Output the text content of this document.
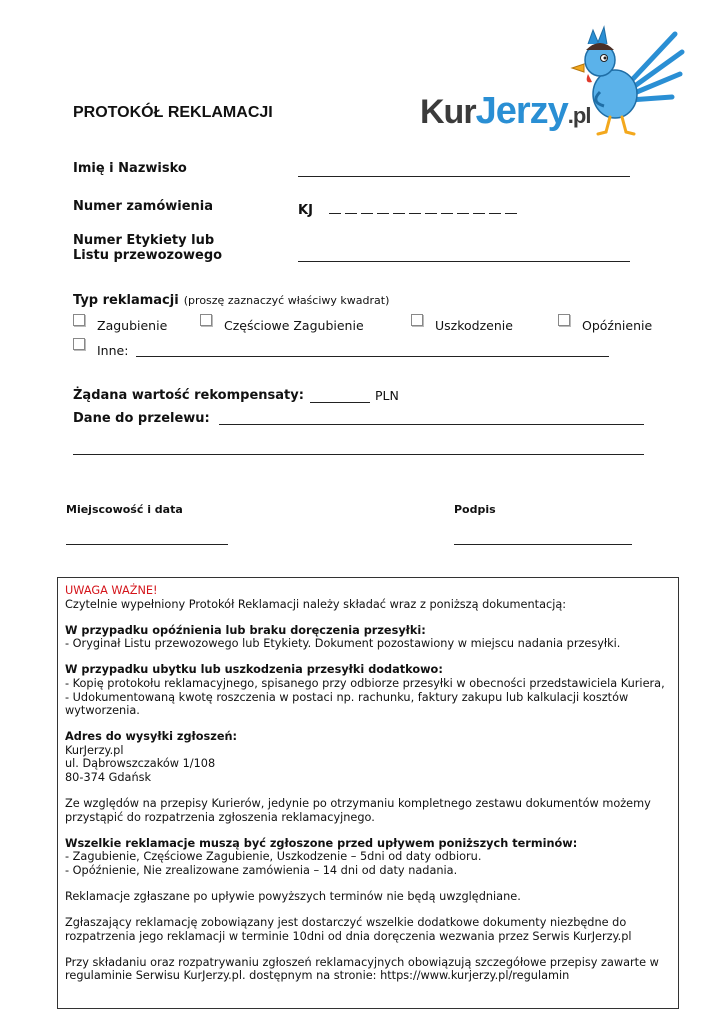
PROTOKÓŁ REKLAMACJI	KurJerzy.pl
Imię i Nazwisko
Numer zamówienia	KJ
Numer Etykiety lub
Listu przewozowego
Typ reklamacji (proszę zaznaczyć właściwy kwadrat)
Zagubienie	Częściowe Zagubienie	Uszkodzenie	Opóźnienie
Inne:
Żądana wartość rekompensaty:	PLN
Dane do przelewu:
Miejscowość i data	Podpis
UWAGA WAŻNE!

Czytelnie wypełniony Protokół Reklamacji należy składać wraz z poniższą dokumentacją:

W przypadku opóźnienia lub braku doręczenia przesyłki:

- Oryginał Listu przewozowego lub Etykiety. Dokument pozostawiony w miejscu nadania przesyłki.

W przypadku ubytku lub uszkodzenia przesyłki dodatkowo:
- Kopię protokołu reklamacyjnego, spisanego przy odbiorze przesyłki w obecności przedstawiciela Kuriera,

- Udokumentowaną kwotę roszczenia w postaci np. rachunku, faktury zakupu lub kalkulacji kosztów wytworzenia.

Adres do wysyłki zgłoszeń:
KurJerzy.pl
ul. Dąbrowszczaków 1/108

80-374 Gdańsk

Ze względów na przepisy Kurierów, jedynie po otrzymaniu kompletnego zestawu dokumentów możemy przystąpić do rozpatrzenia zgłoszenia reklamacyjnego.

Wszelkie reklamacje muszą być zgłoszone przed upływem poniższych terminów:
- Zagubienie, Częściowe Zagubienie, Uszkodzenie – 5dni od daty odbioru.

- Opóźnienie, Nie zrealizowane zamówienia – 14 dni od daty nadania.

Reklamacje zgłaszane po upływie powyższych terminów nie będą uwzględniane.

Zgłaszający reklamację zobowiązany jest dostarczyć wszelkie dodatkowe dokumenty niezbędne do rozpatrzenia jego reklamacji w terminie 10dni od dnia doręczenia wezwania przez Serwis KurJerzy.pl

Przy składaniu oraz rozpatrywaniu zgłoszeń reklamacyjnych obowiązują szczegółowe przepisy zawarte w regulaminie Serwisu KurJerzy.pl. dostępnym na stronie: https://www.kurjerzy.pl/regulamin
